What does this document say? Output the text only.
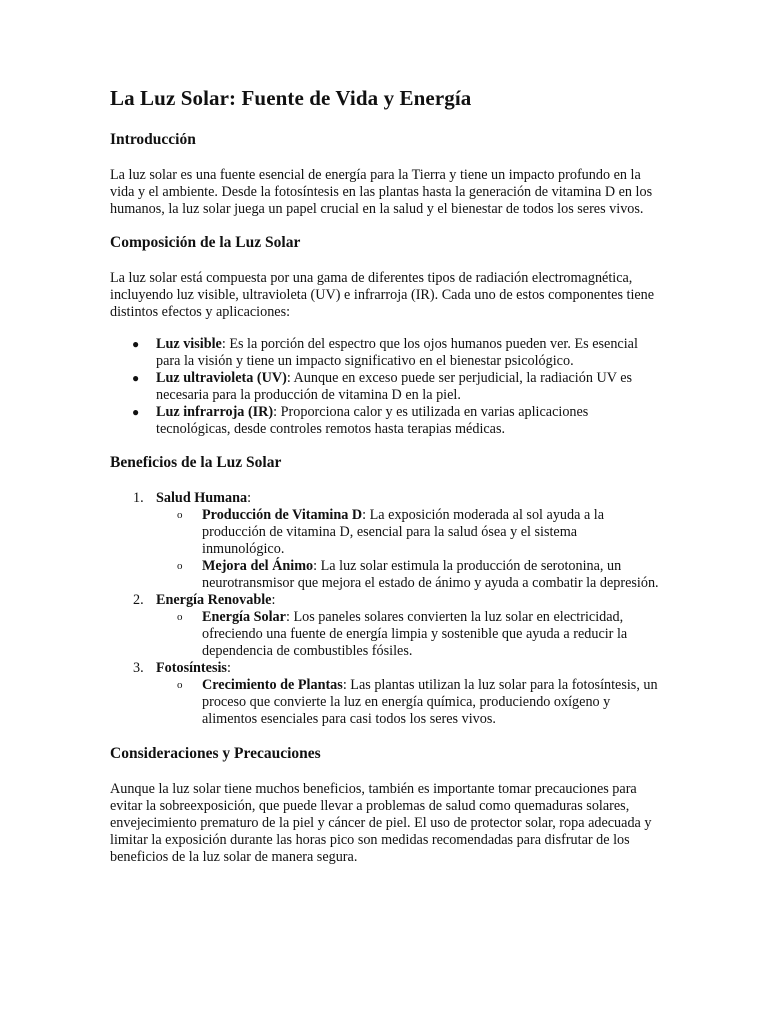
La Luz Solar: Fuente de Vida y Energía
Introducción

La luz solar es una fuente esencial de energía para la Tierra y tiene un impacto profundo en la vida y el ambiente. Desde la fotosíntesis en las plantas hasta la generación de vitamina D en los humanos, la luz solar juega un papel crucial en la salud y el bienestar de todos los seres vivos.

Composición de la Luz Solar

La luz solar está compuesta por una gama de diferentes tipos de radiación electromagnética, incluyendo luz visible, ultravioleta (UV) e infrarroja (IR). Cada uno de estos componentes tiene distintos efectos y aplicaciones:

● Luz visible: Es la porción del espectro que los ojos humanos pueden ver. Es esencial para la visión y tiene un impacto significativo en el bienestar psicológico.
● Luz ultravioleta (UV): Aunque en exceso puede ser perjudicial, la radiación UV es necesaria para la producción de vitamina D en la piel.
● Luz infrarroja (IR): Proporciona calor y es utilizada en varias aplicaciones tecnológicas, desde controles remotos hasta terapias médicas.
Beneficios de la Luz Solar
1. Salud Humana:
o Producción de Vitamina D: La exposición moderada al sol ayuda a la producción de vitamina D, esencial para la salud ósea y el sistema inmunológico.
o Mejora del Ánimo: La luz solar estimula la producción de serotonina, un neurotransmisor que mejora el estado de ánimo y ayuda a combatir la depresión.
2. Energía Renovable:
o Energía Solar: Los paneles solares convierten la luz solar en electricidad, ofreciendo una fuente de energía limpia y sostenible que ayuda a reducir la dependencia de combustibles fósiles.
3. Fotosíntesis:
o Crecimiento de Plantas: Las plantas utilizan la luz solar para la fotosíntesis, un proceso que convierte la luz en energía química, produciendo oxígeno y alimentos esenciales para casi todos los seres vivos.
Consideraciones y Precauciones

Aunque la luz solar tiene muchos beneficios, también es importante tomar precauciones para evitar la sobreexposición, que puede llevar a problemas de salud como quemaduras solares, envejecimiento prematuro de la piel y cáncer de piel. El uso de protector solar, ropa adecuada y limitar la exposición durante las horas pico son medidas recomendadas para disfrutar de los beneficios de la luz solar de manera segura.
